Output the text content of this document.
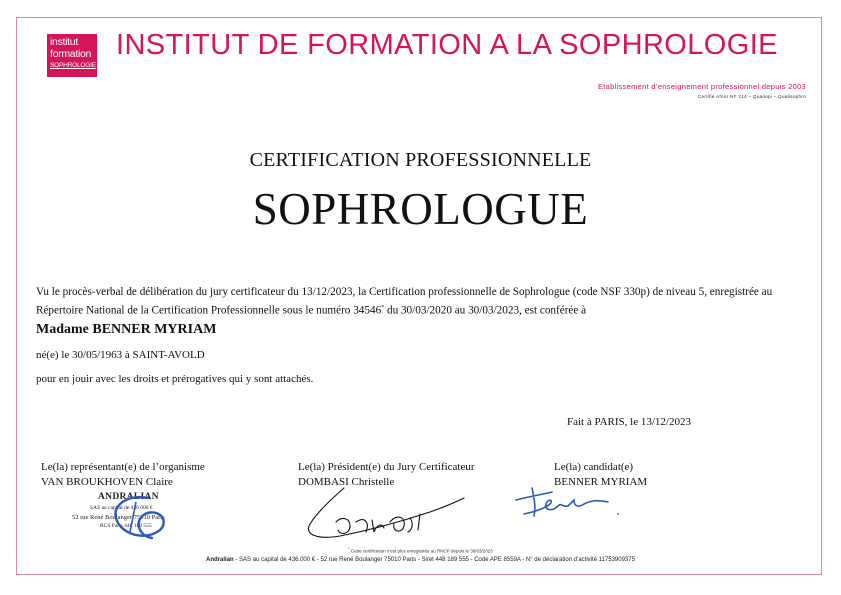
institut
formation
SOPHROLOGIE
INSTITUT DE FORMATION A LA SOPHROLOGIE
Etablissement d’enseignement professionnel depuis 2003
Certifié Afnor NF 214 – Qualiopi – Qualisophro
CERTIFICATION PROFESSIONNELLE
SOPHROLOGUE
Vu le procès-verbal de délibération du jury certificateur du 13/12/2023, la Certification professionnelle de Sophrologue (code NSF 330p) de niveau 5, enregistrée au Répertoire National de la Certification Professionnelle sous le numéro 34546* du 30/03/2020 au 30/03/2023, est conférée à
Madame BENNER MYRIAM
né(e) le 30/05/1963 à SAINT-AVOLD
pour en jouir avec les droits et prérogatives qui y sont attachés.
Fait à PARIS, le 13/12/2023
Le(la) représentant(e) de l’organisme
VAN BROUKHOVEN Claire
Le(la) Président(e) du Jury Certificateur
DOMBASI Christelle
Le(la) candidat(e)
BENNER MYRIAM
ANDRALIAN
SAS au capital de 436 000 €
52 rue René Boulanger 75010 Paris
RCS Paris 448 189 555
* Cette certification n'est plus enregistrée au RNCP depuis le 30/03/2023
Andralian - SAS au capital de 436.000 € - 52 rue René Boulanger 75010 Paris - Siret 448 189 555 - Code APE 8559A - N° de déclaration d’activité 11753909375
